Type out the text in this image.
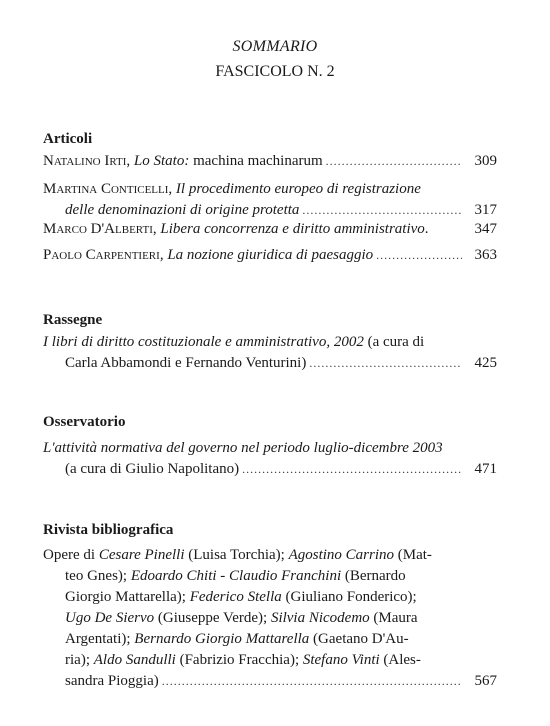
SOMMARIO
FASCICOLO N. 2
Articoli
Natalino Irti, Lo Stato: machina machinarum .....	309
Martina Conticelli, Il procedimento europeo di registrazione
delle denominazioni di origine protetta .....	317
Marco D'Alberti, Libera concorrenza e diritto amministrativo.	347
Paolo Carpentieri, La nozione giuridica di paesaggio .....	363
Rassegne
I libri di diritto costituzionale e amministrativo, 2002 (a cura di
Carla Abbamondi e Fernando Venturini) .....	425
Osservatorio
L'attività normativa del governo nel periodo luglio-dicembre 2003
(a cura di Giulio Napolitano) .....	471
Rivista bibliografica
Opere di Cesare Pinelli (Luisa Torchia); Agostino Carrino (Mat-
teo Gnes); Edoardo Chiti - Claudio Franchini (Bernardo
Giorgio Mattarella); Federico Stella (Giuliano Fonderico);
Ugo De Siervo (Giuseppe Verde); Silvia Nicodemo (Maura
Argentati); Bernardo Giorgio Mattarella (Gaetano D'Au-
ria); Aldo Sandulli (Fabrizio Fracchia); Stefano Vinti (Ales-
sandra Pioggia) .....	567
